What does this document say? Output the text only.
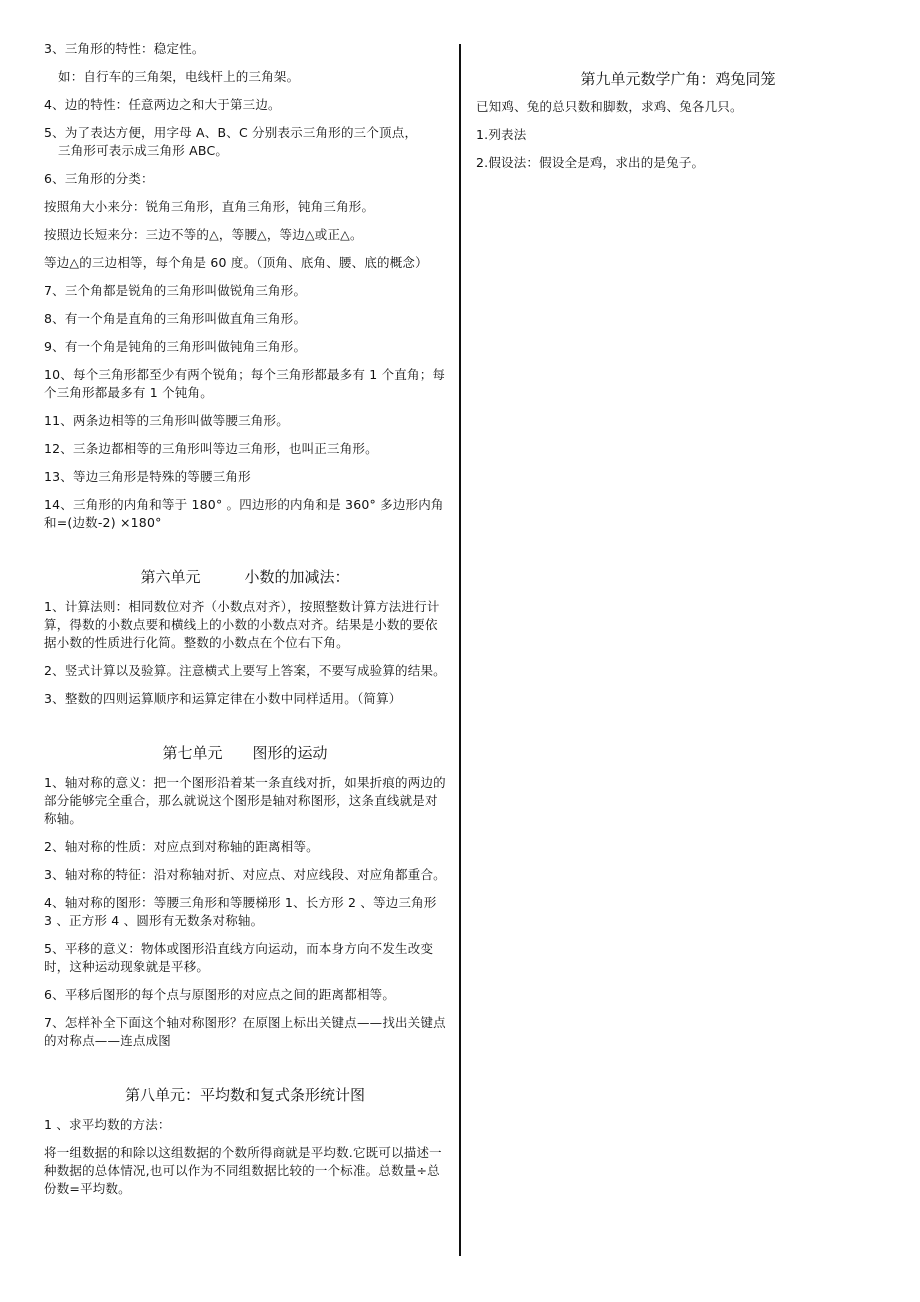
3、三角形的特性：稳定性。

如：自行车的三角架，电线杆上的三角架。

4、边的特性：任意两边之和大于第三边。

5、为了表达方便，用字母 A、B、C 分别表示三角形的三个顶点，

三角形可表示成三角形 ABC。

6、三角形的分类：

按照角大小来分：锐角三角形，直角三角形，钝角三角形。

按照边长短来分：三边不等的△，等腰△，等边△或正△。

等边△的三边相等，每个角是 60 度。（顶角、底角、腰、底的概念）

7、三个角都是锐角的三角形叫做锐角三角形。

8、有一个角是直角的三角形叫做直角三角形。

9、有一个角是钝角的三角形叫做钝角三角形。

10、每个三角形都至少有两个锐角；每个三角形都最多有 1 个直角；每个三角形都最多有 1 个钝角。

11、两条边相等的三角形叫做等腰三角形。

12、三条边都相等的三角形叫等边三角形，也叫正三角形。

13、等边三角形是特殊的等腰三角形

14、三角形的内角和等于 180° 。四边形的内角和是 360° 多边形内角和=(边数-2) ×180°

第六单元	小数的加减法：

1、计算法则：相同数位对齐（小数点对齐），按照整数计算方法进行计算，得数的小数点要和横线上的小数的小数点对齐。结果是小数的要依据小数的性质进行化简。整数的小数点在个位右下角。

2、竖式计算以及验算。注意横式上要写上答案，不要写成验算的结果。

3、整数的四则运算顺序和运算定律在小数中同样适用。（简算）

第七单元 图形的运动

1、轴对称的意义：把一个图形沿着某一条直线对折，如果折痕的两边的部分能够完全重合，那么就说这个图形是轴对称图形，这条直线就是对称轴。

2、轴对称的性质：对应点到对称轴的距离相等。

3、轴对称的特征：沿对称轴对折、对应点、对应线段、对应角都重合。

4、轴对称的图形：等腰三角形和等腰梯形 1、长方形 2 、等边三角形 3 、正方形 4 、圆形有无数条对称轴。

5、平移的意义：物体或图形沿直线方向运动，而本身方向不发生改变时，这种运动现象就是平移。

6、平移后图形的每个点与原图形的对应点之间的距离都相等。

7、怎样补全下面这个轴对称图形？在原图上标出关键点——找出关键点的对称点——连点成图

第八单元：平均数和复式条形统计图

1 、求平均数的方法：

将一组数据的和除以这组数据的个数所得商就是平均数.它既可以描述一种数据的总体情况,也可以作为不同组数据比较的一个标准。总数量÷总份数=平均数。

第九单元数学广角：鸡兔同笼

已知鸡、兔的总只数和脚数，求鸡、兔各几只。

1.列表法

2.假设法：假设全是鸡，求出的是兔子。
